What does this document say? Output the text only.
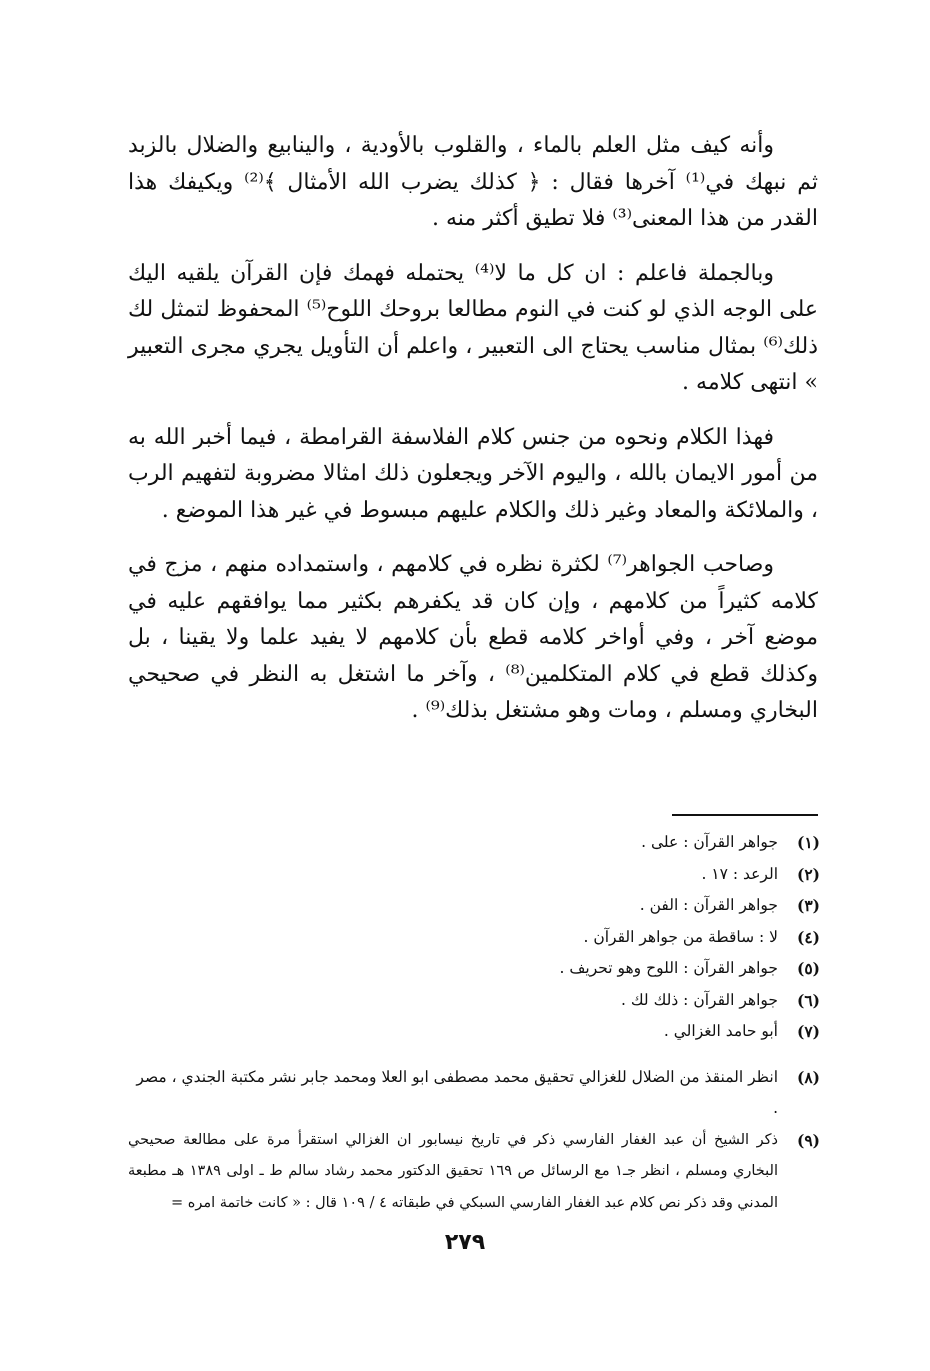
وأنه كيف مثل العلم بالماء ، والقلوب بالأودية ، والينابيع والضلال بالزبد ثم نبهك في⁽¹⁾ آخرها فقال : ﴿ كذلك يضرب الله الأمثال ﴾⁽²⁾ ويكيفك هذا القدر من هذا المعنى⁽³⁾ فلا تطيق أكثر منه .

وبالجملة فاعلم : ان كل ما لا⁽⁴⁾ يحتمله فهمك فإن القرآن يلقيه اليك على الوجه الذي لو كنت في النوم مطالعا بروحك اللوح⁽⁵⁾ المحفوظ لتمثل لك ذلك⁽⁶⁾ بمثال مناسب يحتاج الى التعبير ، واعلم أن التأويل يجري مجرى التعبير » انتهى كلامه .

فهذا الكلام ونحوه من جنس كلام الفلاسفة القرامطة ، فيما أخبر الله به من أمور الايمان بالله ، واليوم الآخر ويجعلون ذلك امثالا مضروبة لتفهيم الرب ، والملائكة والمعاد وغير ذلك والكلام عليهم مبسوط في غير هذا الموضع .

وصاحب الجواهر⁽⁷⁾ لكثرة نظره في كلامهم ، واستمداده منهم ، مزج في كلامه كثيراً من كلامهم ، وإن كان قد يكفرهم بكثير مما يوافقهم عليه في موضع آخر ، وفي أواخر كلامه قطع بأن كلامهم لا يفيد علما ولا يقينا ، بل وكذلك قطع في كلام المتكلمين⁽⁸⁾ ، وآخر ما اشتغل به النظر في صحيحي البخاري ومسلم ، ومات وهو مشتغل بذلك⁽⁹⁾ .

(١)
جواهر القرآن : على .
(٢)
الرعد : ١٧ .
(٣)
جواهر القرآن : الفن .
(٤)
لا : ساقطة من جواهر القرآن .
(٥)
جواهر القرآن : اللوح وهو تحريف .
(٦)
جواهر القرآن : ذلك لك .
(٧)
أبو حامد الغزالي .
(٨)
انظر المنقذ من الضلال للغزالي تحقيق محمد مصطفى ابو العلا ومحمد جابر نشر مكتبة الجندي ، مصر .
(٩)
ذكر الشيخ أن عبد الغفار الفارسي ذكر في تاريخ نيسابور ان الغزالي استقرأ مرة على مطالعة صحيحي البخاري ومسلم ، انظر جـ١ مع الرسائل ص ١٦٩ تحقيق الدكتور محمد رشاد سالم ط ـ اولى ١٣٨٩ هـ مطبعة المدني وقد ذكر نص كلام عبد الغفار الفارسي السبكي في طبقاته ٤ / ١٠٩ قال : « كانت خاتمة امره =
٢٧٩
